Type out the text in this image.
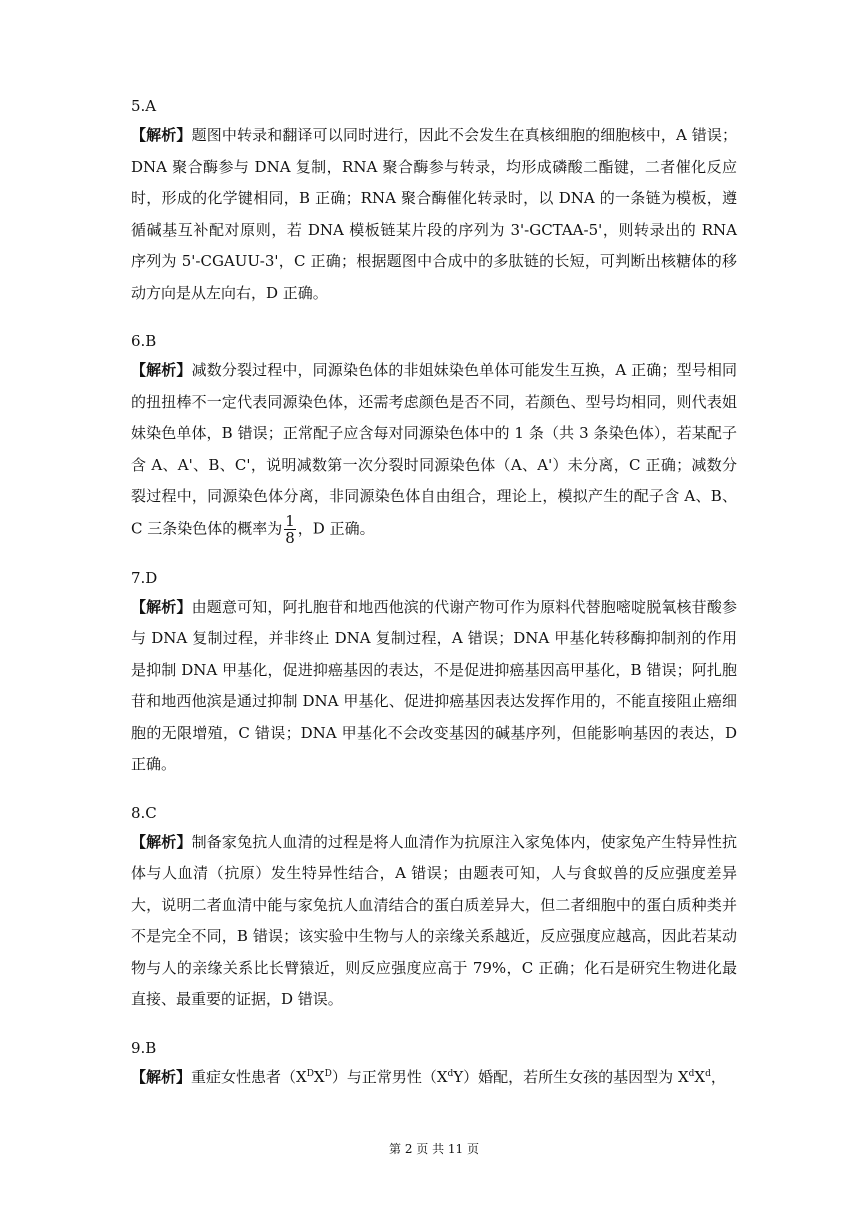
5.A
【解析】题图中转录和翻译可以同时进行，因此不会发生在真核细胞的细胞核中，A 错误；DNA 聚合酶参与 DNA 复制，RNA 聚合酶参与转录，均形成磷酸二酯键，二者催化反应时，形成的化学键相同，B 正确；RNA 聚合酶催化转录时，以 DNA 的一条链为模板，遵循碱基互补配对原则，若 DNA 模板链某片段的序列为 3'-GCTAA-5'，则转录出的 RNA 序列为 5'-CGAUU-3'，C 正确；根据题图中合成中的多肽链的长短，可判断出核糖体的移动方向是从左向右，D 正确。
6.B
【解析】减数分裂过程中，同源染色体的非姐妹染色单体可能发生互换，A 正确；型号相同的扭扭棒不一定代表同源染色体，还需考虑颜色是否不同，若颜色、型号均相同，则代表姐妹染色单体，B 错误；正常配子应含每对同源染色体中的 1 条（共 3 条染色体），若某配子含 A、A'、B、C'，说明减数第一次分裂时同源染色体（A、A'）未分离，C 正确；减数分裂过程中，同源染色体分离，非同源染色体自由组合，理论上，模拟产生的配子含 A、B、C 三条染色体的概率为 $\frac{1}{8}$ ，D 正确。
7.D
【解析】由题意可知，阿扎胞苷和地西他滨的代谢产物可作为原料代替胞嘧啶脱氧核苷酸参与 DNA 复制过程，并非终止 DNA 复制过程，A 错误；DNA 甲基化转移酶抑制剂的作用是抑制 DNA 甲基化，促进抑癌基因的表达，不是促进抑癌基因高甲基化，B 错误；阿扎胞苷和地西他滨是通过抑制 DNA 甲基化、促进抑癌基因表达发挥作用的，不能直接阻止癌细胞的无限增殖，C 错误；DNA 甲基化不会改变基因的碱基序列，但能影响基因的表达，D 正确。
8.C
【解析】制备家兔抗人血清的过程是将人血清作为抗原注入家兔体内，使家兔产生特异性抗体与人血清（抗原）发生特异性结合，A 错误；由题表可知，人与食蚁兽的反应强度差异大，说明二者血清中能与家兔抗人血清结合的蛋白质差异大，但二者细胞中的蛋白质种类并不是完全不同，B 错误；该实验中生物与人的亲缘关系越近，反应强度应越高，因此若某动物与人的亲缘关系比长臂猿近，则反应强度应高于 79%，C 正确；化石是研究生物进化最直接、最重要的证据，D 错误。
9.B
【解析】重症女性患者$(X^DX^D)$与正常男性$(X^dY)$婚配，若所生女孩的基因型为 $X^dX^d$，
第 2 页 共 11 页
